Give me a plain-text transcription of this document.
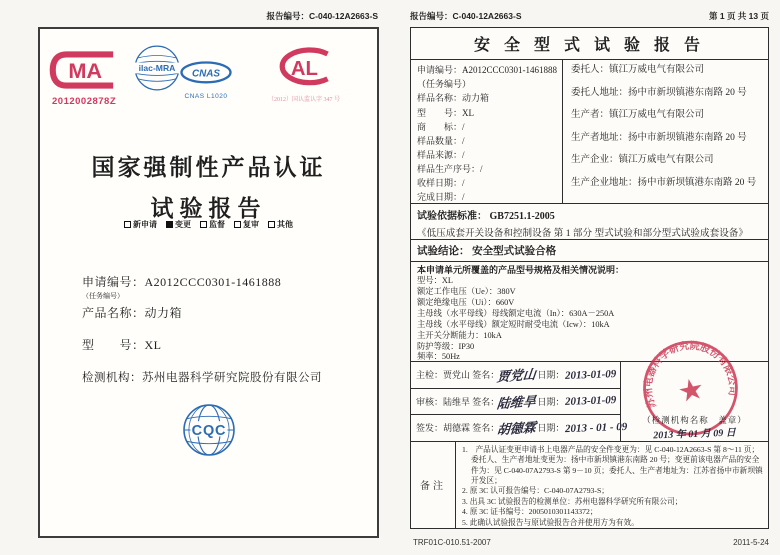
报告编号：C-040-12A2663-S
MA
2012002878Z
ilac-MRA
CNAS
CNAS L1020
AL
（2012）国认监认字 347 号
国家强制性产品认证
试验报告
新申请 变更 监督 复审 其他
申请编号：A2012CCC0301-1461888
（任务编号）
产品名称：动力箱
型　　号：XL
检测机构：苏州电器科学研究院股份有限公司
CQC
报告编号：C-040-12A2663-S	第 1 页 共 13 页
安 全 型 式 试 验 报 告
申请编号：A2012CCC0301-1461888
（任务编号）
样品名称：动力箱
型　　号：XL
商　　标：/
样品数量：/
样品来源：/
样品生产序号：/
收样日期：/
完成日期：/
委托人：镇江万威电气有限公司
委托人地址：扬中市新坝镇港东南路 20 号
生产者：镇江万威电气有限公司
生产者地址：扬中市新坝镇港东南路 20 号
生产企业：镇江万威电气有限公司
生产企业地址：扬中市新坝镇港东南路 20 号
试验依据标准： GB7251.1-2005
《低压成套开关设备和控制设备 第 1 部分 型式试验和部分型式试验成套设备》
试验结论： 安全型式试验合格
本申请单元所覆盖的产品型号规格及相关情况说明：
型号：XL
额定工作电压（Ue）：380V
额定绝缘电压（Ui）：660V
主母线（水平母线）母线额定电流（In）：630A－250A
主母线（水平母线）额定短时耐受电流（Icw）：10kA
主开关分断能力：10kA
防护等级：IP30
频率：50Hz
主检： 贾党山
签名：
贾党山 日期： 2013-01-09
审核： 陆维旱
签名：
陆维旱 日期： 2013-01-09
签发： 胡德霖
签名：
胡德霖 日期： 2013 - 01 - 09
★
苏州电器科学研究院股份有限公司
（检测机构名称　盖章）
2013 年 01 月 09 日
备注
1.　产品认证变更申请书上电器产品的安全件变更为：见 C-040-12A2663-S 第 8～11 页；委托人、生产者地址变更为：扬中市新坝镇港东南路 20 号；变更前该电器产品的安全件为：见 C-040-07A2793-S 第 9－10 页；委托人、生产者地址为：江苏省扬中市新坝镇开发区；
2. 原 3C 认可报告编号：C-040-07A2793-S；
3. 出具 3C 试验报告的检测单位：苏州电器科学研究所有限公司；
4. 原 3C 证书编号：2005010301143372；
5. 此确认试验报告与原试验报告合并使用方为有效。
TRF01C-010.51-2007	2011-5-24
